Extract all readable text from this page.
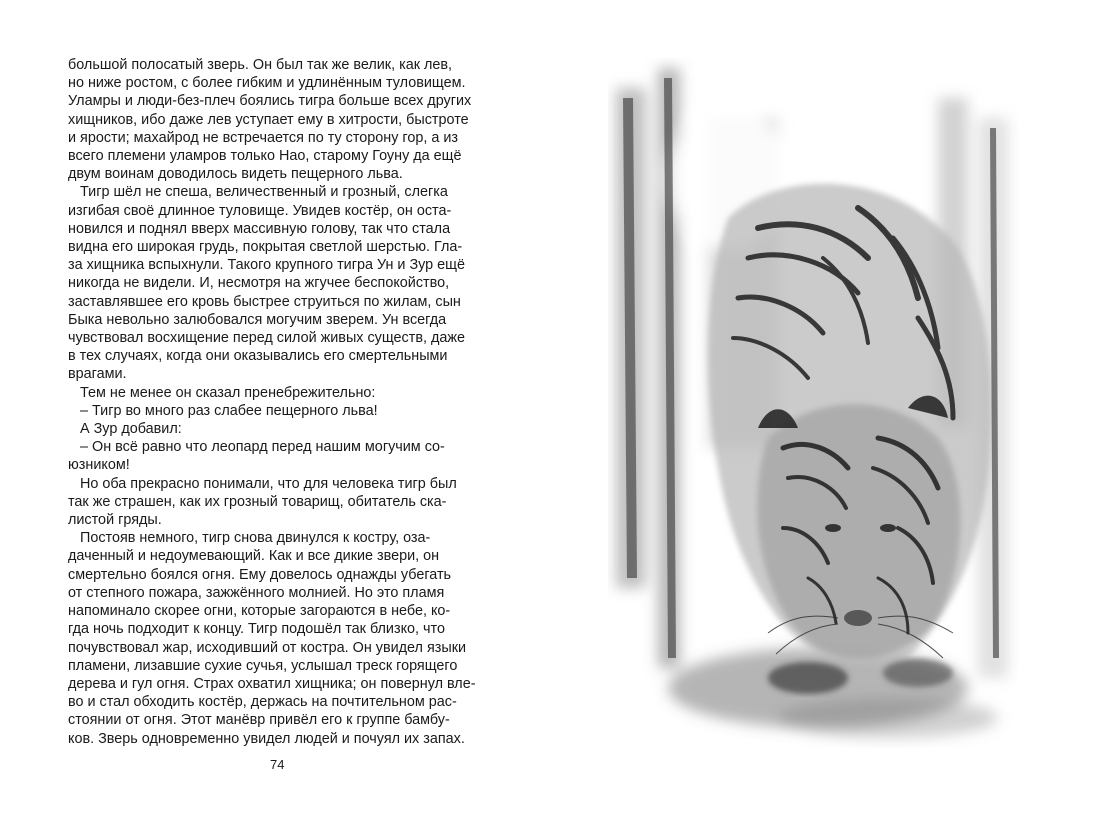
большой полосатый зверь. Он был так же велик, как лев,
но ниже ростом, с более гибким и удлинённым туловищем.
Уламры и люди-без-плеч боялись тигра больше всех других
хищников, ибо даже лев уступает ему в хитрости, быстроте
и ярости; махайрод не встречается по ту сторону гор, а из
всего племени уламров только Нао, старому Гоуну да ещё
двум воинам доводилось видеть пещерного льва.
Тигр шёл не спеша, величественный и грозный, слегка
изгибая своё длинное туловище. Увидев костёр, он оста-
новился и поднял вверх массивную голову, так что стала
видна его широкая грудь, покрытая светлой шерстью. Гла-
за хищника вспыхнули. Такого крупного тигра Ун и Зур ещё
никогда не видели. И, несмотря на жгучее беспокойство,
заставлявшее его кровь быстрее струиться по жилам, сын
Быка невольно залюбовался могучим зверем. Ун всегда
чувствовал восхищение перед силой живых существ, даже
в тех случаях, когда они оказывались его смертельными
врагами.
Тем не менее он сказал пренебрежительно:
– Тигр во много раз слабее пещерного льва!
А Зур добавил:
– Он всё равно что леопард перед нашим могучим со-
юзником!
Но оба прекрасно понимали, что для человека тигр был
так же страшен, как их грозный товарищ, обитатель ска-
листой гряды.
Постояв немного, тигр снова двинулся к костру, оза-
даченный и недоумевающий. Как и все дикие звери, он
смертельно боялся огня. Ему довелось однажды убегать
от степного пожара, зажжённого молнией. Но это пламя
напоминало скорее огни, которые загораются в небе, ко-
гда ночь подходит к концу. Тигр подошёл так близко, что
почувствовал жар, исходивший от костра. Он увидел языки
пламени, лизавшие сухие сучья, услышал треск горящего
дерева и гул огня. Страх охватил хищника; он повернул вле-
во и стал обходить костёр, держась на почтительном рас-
стоянии от огня. Этот манёвр привёл его к группе бамбу-
ков. Зверь одновременно увидел людей и почуял их запах.
74
